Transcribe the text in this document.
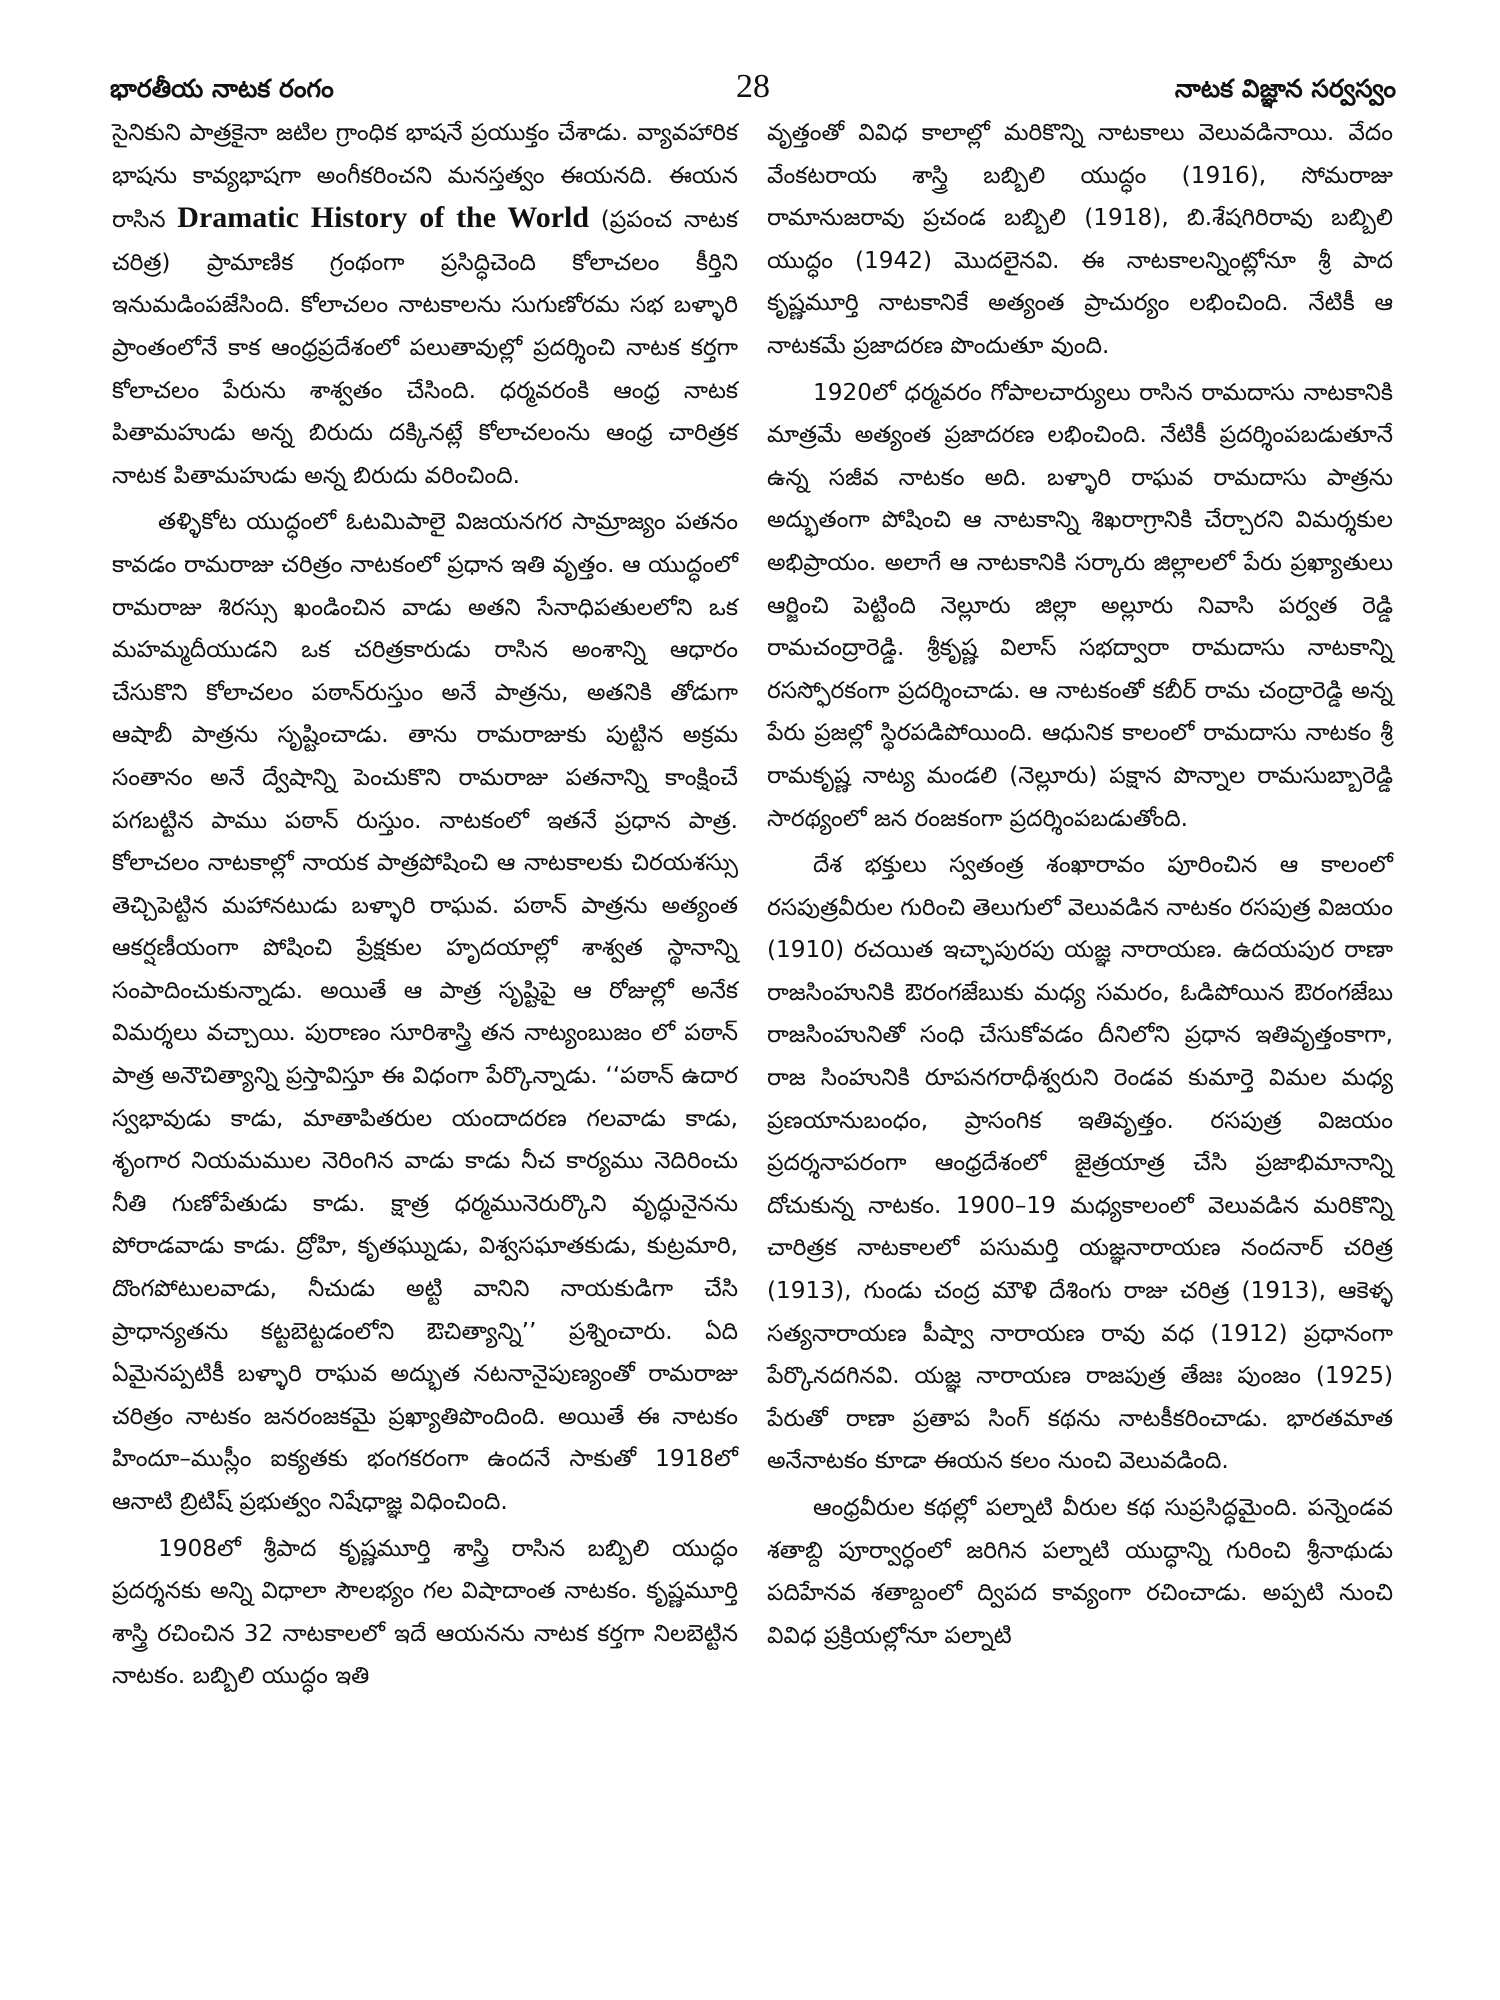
భారతీయ నాటక రంగం	28	నాటక విజ్ఞాన సర్వస్వం

సైనికుని పాత్రకైనా జటిల గ్రాంధిక భాషనే ప్రయుక్తం చేశాడు. వ్యావహారిక భాషను కావ్యభాషగా అంగీకరించని మనస్తత్వం ఈయనది. ఈయన రాసిన Dramatic History of the World (ప్రపంచ నాటక చరిత్ర) ప్రామాణిక గ్రంథంగా ప్రసిద్ధిచెంది కోలాచలం కీర్తిని ఇనుమడింపజేసింది. కోలాచలం నాటకాలను సుగుణోరమ సభ బళ్ళారి ప్రాంతంలోనే కాక ఆంధ్రప్రదేశంలో పలుతావుల్లో ప్రదర్శించి నాటక కర్తగా కోలాచలం పేరును శాశ్వతం చేసింది. ధర్మవరంకి ఆంధ్ర నాటక పితామహుడు అన్న బిరుదు దక్కినట్లే కోలాచలంను ఆంధ్ర చారిత్రక నాటక పితామహుడు అన్న బిరుదు వరించింది.

తళ్ళికోట యుద్ధంలో ఓటమిపాలై విజయనగర సామ్రాజ్యం పతనం కావడం రామరాజు చరిత్రం నాటకంలో ప్రధాన ఇతి వృత్తం. ఆ యుద్ధంలో రామరాజు శిరస్సు ఖండించిన వాడు అతని సేనాధిపతులలోని ఒక మహమ్మదీయుడని ఒక చరిత్రకారుడు రాసిన అంశాన్ని ఆధారం చేసుకొని కోలాచలం పఠాన్‌రుస్తుం అనే పాత్రను, అతనికి తోడుగా ఆషాబీ పాత్రను సృష్టించాడు. తాను రామరాజుకు పుట్టిన అక్రమ సంతానం అనే ద్వేషాన్ని పెంచుకొని రామరాజు పతనాన్ని కాంక్షించే పగబట్టిన పాము పఠాన్ రుస్తుం. నాటకంలో ఇతనే ప్రధాన పాత్ర. కోలాచలం నాటకాల్లో నాయక పాత్రపోషించి ఆ నాటకాలకు చిరయశస్సు తెచ్చిపెట్టిన మహానటుడు బళ్ళారి రాఘవ. పఠాన్ పాత్రను అత్యంత ఆకర్షణీయంగా పోషించి ప్రేక్షకుల హృదయాల్లో శాశ్వత స్థానాన్ని సంపాదించుకున్నాడు. అయితే ఆ పాత్ర సృష్టిపై ఆ రోజుల్లో అనేక విమర్శలు వచ్చాయి. పురాణం సూరిశాస్త్రి తన నాట్యంబుజం లో పఠాన్ పాత్ర అనౌచిత్యాన్ని ప్రస్తావిస్తూ ఈ విధంగా పేర్కొన్నాడు. ‘‘పఠాన్ ఉదార స్వభావుడు కాడు, మాతాపితరుల యందాదరణ గలవాడు కాడు, శృంగార నియమముల నెరింగిన వాడు కాడు నీచ కార్యము నెదిరించు నీతి గుణోపేతుడు కాడు. క్షాత్ర ధర్మమునెరుర్కొని వృద్ధునైనను పోరాడవాడు కాడు. ద్రోహి, కృతఘ్నుడు, విశ్వసఘాతకుడు, కుట్రమారి, దొంగపోటులవాడు, నీచుడు అట్టి వానిని నాయకుడిగా చేసి ప్రాధాన్యతను కట్టబెట్టడంలోని ఔచిత్యాన్ని’’ ప్రశ్నించారు. ఏది ఏమైనప్పటికీ బళ్ళారి రాఘవ అద్భుత నటనానైపుణ్యంతో రామరాజు చరిత్రం నాటకం జనరంజకమై ప్రఖ్యాతిపొందింది. అయితే ఈ నాటకం హిందూ–ముస్లీం ఐక్యతకు భంగకరంగా ఉందనే సాకుతో 1918లో ఆనాటి బ్రిటిష్ ప్రభుత్వం నిషేధాజ్ఞ విధించింది.

1908లో శ్రీపాద కృష్ణమూర్తి శాస్త్రి రాసిన బబ్బిలి యుద్ధం ప్రదర్శనకు అన్ని విధాలా సౌలభ్యం గల విషాదాంత నాటకం. కృష్ణమూర్తి శాస్త్రి రచించిన 32 నాటకాలలో ఇదే ఆయనను నాటక కర్తగా నిలబెట్టిన నాటకం. బబ్బిలి యుద్ధం ఇతి

వృత్తంతో వివిధ కాలాల్లో మరికొన్ని నాటకాలు వెలువడినాయి. వేదం వేంకటరాయ శాస్త్రి బబ్బిలి యుద్ధం (1916), సోమరాజు రామానుజరావు ప్రచండ బబ్బిలి (1918), బి.శేషగిరిరావు బబ్బిలి యుద్ధం (1942) మొదలైనవి. ఈ నాటకాలన్నింట్లోనూ శ్రీ పాద కృష్ణమూర్తి నాటకానికే అత్యంత ప్రాచుర్యం లభించింది. నేటికీ ఆ నాటకమే ప్రజాదరణ పొందుతూ వుంది.

1920లో ధర్మవరం గోపాలచార్యులు రాసిన రామదాసు నాటకానికి మాత్రమే అత్యంత ప్రజాదరణ లభించింది. నేటికీ ప్రదర్శింపబడుతూనే ఉన్న సజీవ నాటకం అది. బళ్ళారి రాఘవ రామదాసు పాత్రను అద్భుతంగా పోషించి ఆ నాటకాన్ని శిఖరాగ్రానికి చేర్చారని విమర్శకుల అభిప్రాయం. అలాగే ఆ నాటకానికి సర్కారు జిల్లాలలో పేరు ప్రఖ్యాతులు ఆర్జించి పెట్టింది నెల్లూరు జిల్లా అల్లూరు నివాసి పర్వత రెడ్డి రామచంద్రారెడ్డి. శ్రీకృష్ణ విలాస్ సభద్వారా రామదాసు నాటకాన్ని రసస్ఫోరకంగా ప్రదర్శించాడు. ఆ నాటకంతో కబీర్ రామ చంద్రారెడ్డి అన్న పేరు ప్రజల్లో స్థిరపడిపోయింది. ఆధునిక కాలంలో రామదాసు నాటకం శ్రీ రామకృష్ణ నాట్య మండలి (నెల్లూరు) పక్షాన పొన్నాల రామసుబ్బారెడ్డి సారథ్యంలో జన రంజకంగా ప్రదర్శింపబడుతోంది.

దేశ భక్తులు స్వతంత్ర శంఖారావం పూరించిన ఆ కాలంలో రసపుత్రవీరుల గురించి తెలుగులో వెలువడిన నాటకం రసపుత్ర విజయం (1910) రచయిత ఇచ్ఛాపురపు యజ్ఞ నారాయణ. ఉదయపుర రాణా రాజసింహునికి ఔరంగజేబుకు మధ్య సమరం, ఓడిపోయిన ఔరంగజేబు రాజసింహునితో సంధి చేసుకోవడం దీనిలోని ప్రధాన ఇతివృత్తంకాగా, రాజ సింహునికి రూపనగరాధీశ్వరుని రెండవ కుమార్తె విమల మధ్య ప్రణయానుబంధం, ప్రాసంగిక ఇతివృత్తం. రసపుత్ర విజయం ప్రదర్శనాపరంగా ఆంధ్రదేశంలో జైత్రయాత్ర చేసి ప్రజాభిమానాన్ని దోచుకున్న నాటకం. 1900–19 మధ్యకాలంలో వెలువడిన మరికొన్ని చారిత్రక నాటకాలలో పసుమర్తి యజ్ఞనారాయణ నందనార్ చరిత్ర (1913), గుండు చంద్ర మౌళి దేశింగు రాజు చరిత్ర (1913), ఆకెళ్ళ సత్యనారాయణ పీష్వా నారాయణ రావు వధ (1912) ప్రధానంగా పేర్కొనదగినవి. యజ్ఞ నారాయణ రాజపుత్ర తేజః పుంజం (1925) పేరుతో రాణా ప్రతాప సింగ్ కథను నాటకీకరించాడు. భారతమాత అనేనాటకం కూడా ఈయన కలం నుంచి వెలువడింది.

ఆంధ్రవీరుల కథల్లో పల్నాటి వీరుల కథ సుప్రసిద్ధమైంది. పన్నెండవ శతాబ్ది పూర్వార్ధంలో జరిగిన పల్నాటి యుద్ధాన్ని గురించి శ్రీనాథుడు పదిహేనవ శతాబ్దంలో ద్విపద కావ్యంగా రచించాడు. అప్పటి నుంచి వివిధ ప్రక్రియల్లోనూ పల్నాటి
